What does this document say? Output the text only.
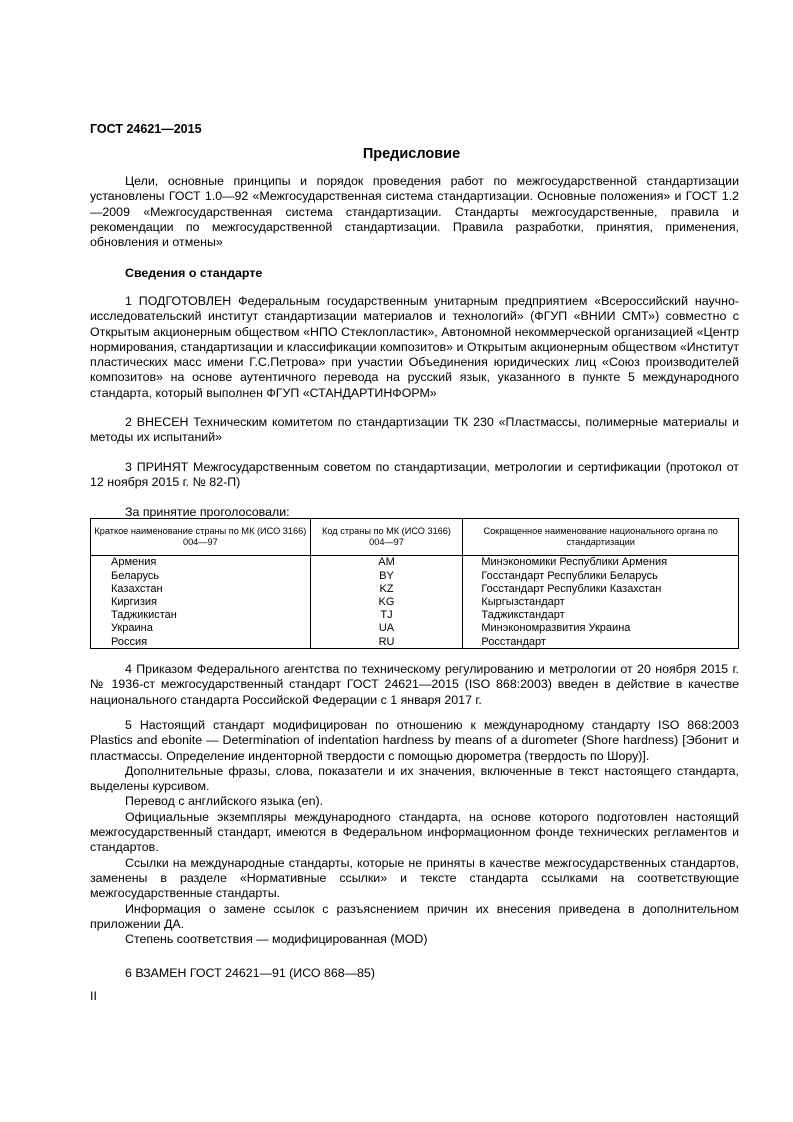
ГОСТ 24621—2015
Предисловие

Цели, основные принципы и порядок проведения работ по межгосударственной стандартизации установлены ГОСТ 1.0—92 «Межгосударственная система стандартизации. Основные положения» и ГОСТ 1.2—2009 «Межгосударственная система стандартизации. Стандарты межгосударственные, правила и рекомендации по межгосударственной стандартизации. Правила разработки, принятия, применения, обновления и отмены»

Сведения о стандарте

1 ПОДГОТОВЛЕН Федеральным государственным унитарным предприятием «Всероссийский научно-исследовательский институт стандартизации материалов и технологий» (ФГУП «ВНИИ СМТ») совместно с Открытым акционерным обществом «НПО Стеклопластик», Автономной некоммерческой организацией «Центр нормирования, стандартизации и классификации композитов» и Открытым акционерным обществом «Институт пластических масс имени Г.С.Петрова» при участии Объединения юридических лиц «Союз производителей композитов» на основе аутентичного перевода на русский язык, указанного в пункте 5 международного стандарта, который выполнен ФГУП «СТАНДАРТИНФОРМ»

2 ВНЕСЕН Техническим комитетом по стандартизации ТК 230 «Пластмассы, полимерные материалы и методы их испытаний»

3 ПРИНЯТ Межгосударственным советом по стандартизации, метрологии и сертификации (протокол от 12 ноября 2015 г. № 82-П)

За принятие проголосовали:
Краткое наименование страны по МК (ИСО 3166) 004—97	Код страны по МК (ИСО 3166) 004—97	Сокращенное наименование национального органа по стандартизации
Армения	AM	Минэкономики Республики Армения
Беларусь	BY	Госстандарт Республики Беларусь
Казахстан	KZ	Госстандарт Республики Казахстан
Киргизия	KG	Кыргызстандарт
Таджикистан	TJ	Таджикстандарт
Украина	UA	Минэкономразвития Украина
Россия	RU	Росстандарт

4 Приказом Федерального агентства по техническому регулированию и метрологии от 20 ноября 2015 г. № 1936-ст межгосударственный стандарт ГОСТ 24621—2015 (ISO 868:2003) введен в действие в качестве национального стандарта Российской Федерации с 1 января 2017 г.

5 Настоящий стандарт модифицирован по отношению к международному стандарту ISO 868:2003 Plastics and ebonite — Determination of indentation hardness by means of a durometer (Shore hardness) [Эбонит и пластмассы. Определение инденторной твердости с помощью дюрометра (твердость по Шору)].

Дополнительные фразы, слова, показатели и их значения, включенные в текст настоящего стандарта, выделены курсивом.

Перевод с английского языка (en).

Официальные экземпляры международного стандарта, на основе которого подготовлен настоящий межгосударственный стандарт, имеются в Федеральном информационном фонде технических регламентов и стандартов.

Ссылки на международные стандарты, которые не приняты в качестве межгосударственных стандартов, заменены в разделе «Нормативные ссылки» и тексте стандарта ссылками на соответствующие межгосударственные стандарты.

Информация о замене ссылок с разъяснением причин их внесения приведена в дополнительном приложении ДА.

Степень соответствия — модифицированная (MOD)

6 ВЗАМЕН ГОСТ 24621—91 (ИСО 868—85)

II
